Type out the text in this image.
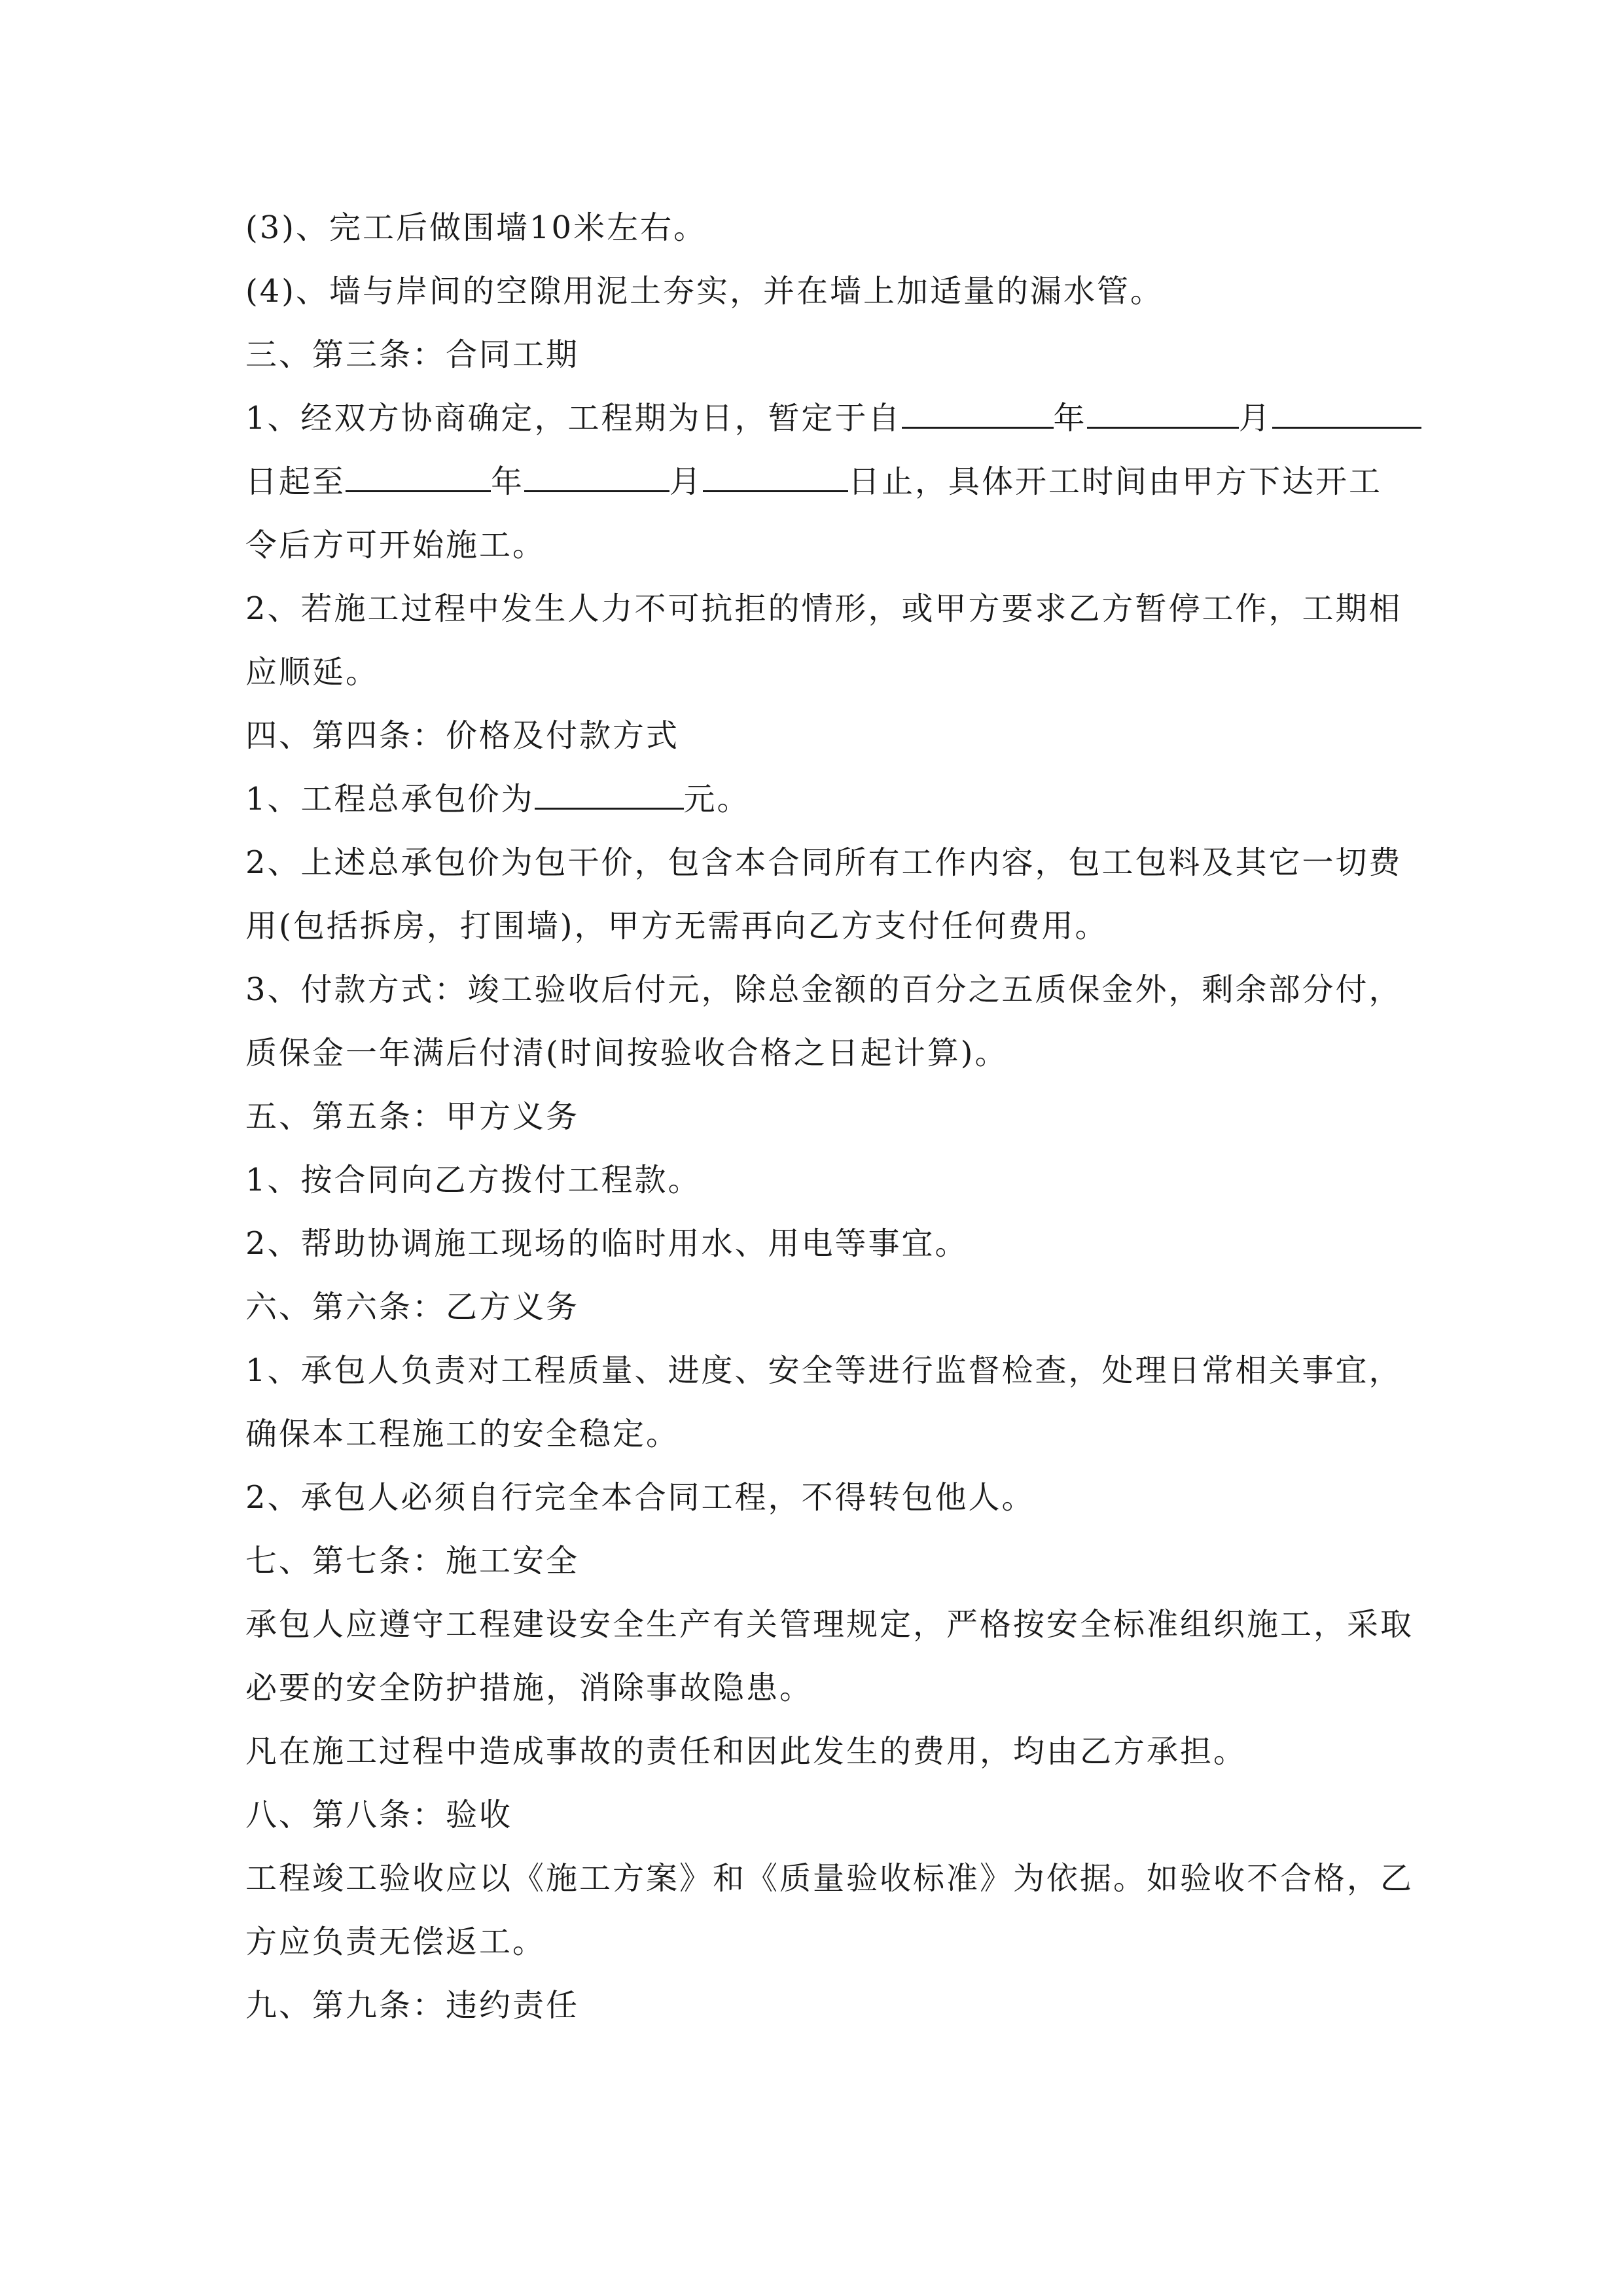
(3)、完工后做围墙10米左右。
(4)、墙与岸间的空隙用泥土夯实，并在墙上加适量的漏水管。
三、第三条：合同工期
1、经双方协商确定，工程期为日，暂定于自	年	月
日起至	年	月	日止，具体开工时间由甲方下达开工
令后方可开始施工。
2、若施工过程中发生人力不可抗拒的情形，或甲方要求乙方暂停工作，工期相
应顺延。
四、第四条：价格及付款方式
1、工程总承包价为	元。
2、上述总承包价为包干价，包含本合同所有工作内容，包工包料及其它一切费
用(包括拆房，打围墙)，甲方无需再向乙方支付任何费用。
3、付款方式：竣工验收后付元，除总金额的百分之五质保金外，剩余部分付，
质保金一年满后付清(时间按验收合格之日起计算)。
五、第五条：甲方义务
1、按合同向乙方拨付工程款。
2、帮助协调施工现场的临时用水、用电等事宜。
六、第六条：乙方义务
1、承包人负责对工程质量、进度、安全等进行监督检查，处理日常相关事宜，
确保本工程施工的安全稳定。
2、承包人必须自行完全本合同工程，不得转包他人。
七、第七条：施工安全
承包人应遵守工程建设安全生产有关管理规定，严格按安全标准组织施工，采取
必要的安全防护措施，消除事故隐患。
凡在施工过程中造成事故的责任和因此发生的费用，均由乙方承担。
八、第八条：验收
工程竣工验收应以《施工方案》和《质量验收标准》为依据。如验收不合格，乙
方应负责无偿返工。
九、第九条：违约责任
